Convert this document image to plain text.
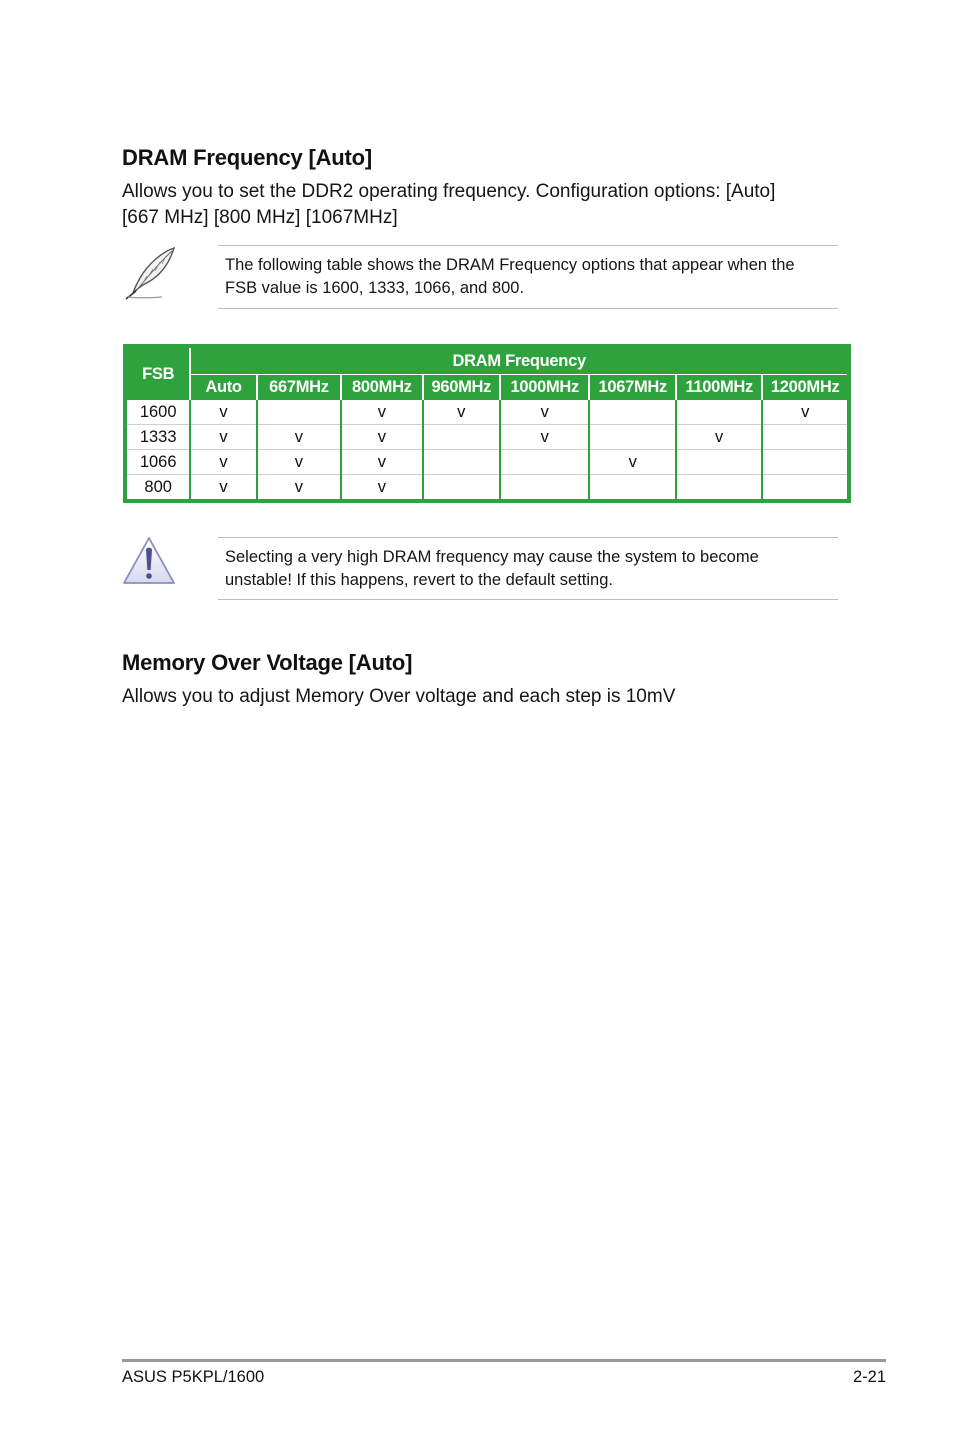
DRAM Frequency [Auto]

Allows you to set the DDR2 operating frequency. Configuration options: [Auto]
[667 MHz] [800 MHz] [1067MHz]

The following table shows the DRAM Frequency options that appear when the
FSB value is 1600, 1333, 1066, and 800.
FSB	DRAM Frequency							
	Auto	667MHz	800MHz	960MHz	1000MHz	1067MHz	1100MHz	1200MHz
1600	v		v	v	v			v
1333	v	v	v		v		v	
1066	v	v	v			v		
800	v	v	v					
Selecting a very high DRAM frequency may cause the system to become
unstable! If this happens, revert to the default setting.
Memory Over Voltage [Auto]

Allows you to adjust Memory Over voltage and each step is 10mV

ASUS P5KPL/1600	2-21
